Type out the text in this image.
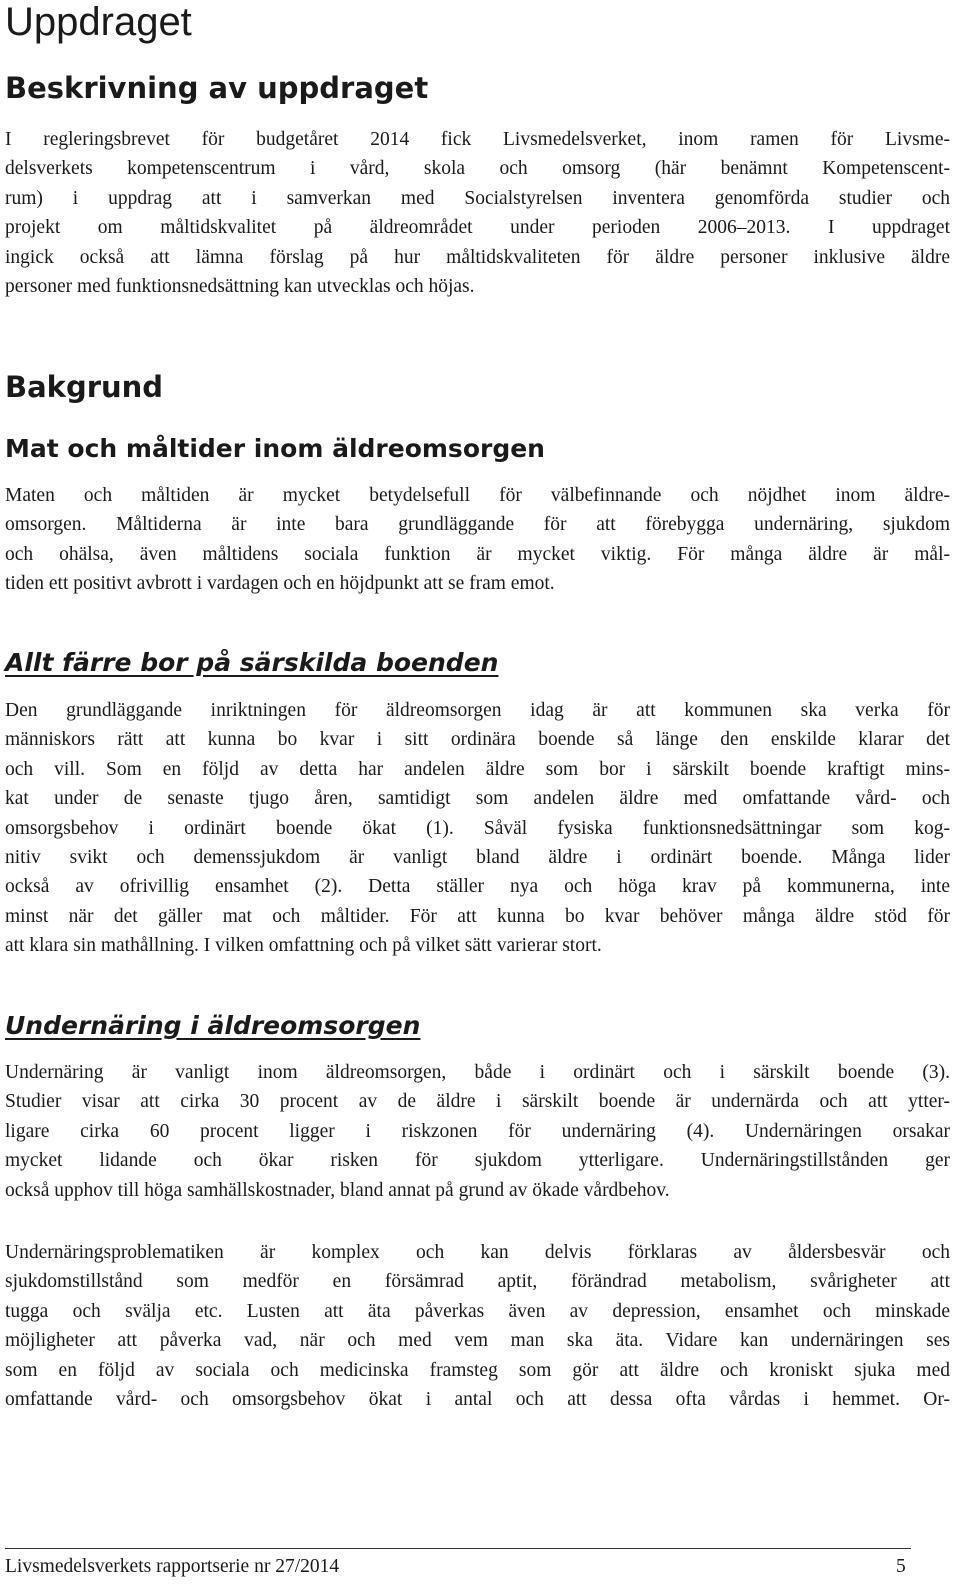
Uppdraget
Beskrivning av uppdraget
I regleringsbrevet för budgetåret 2014 fick Livsmedelsverket, inom ramen för Livsme-
delsverkets kompetenscentrum i vård, skola och omsorg (här benämnt Kompetenscent-
rum) i uppdrag att i samverkan med Socialstyrelsen inventera genomförda studier och
projekt om måltidskvalitet på äldreområdet under perioden 2006–2013. I uppdraget
ingick också att lämna förslag på hur måltidskvaliteten för äldre personer inklusive äldre
personer med funktionsnedsättning kan utvecklas och höjas.
Bakgrund
Mat och måltider inom äldreomsorgen
Maten och måltiden är mycket betydelsefull för välbefinnande och nöjdhet inom äldre-
omsorgen. Måltiderna är inte bara grundläggande för att förebygga undernäring, sjukdom
och ohälsa, även måltidens sociala funktion är mycket viktig. För många äldre är mål-
tiden ett positivt avbrott i vardagen och en höjdpunkt att se fram emot.
Allt färre bor på särskilda boenden
Den grundläggande inriktningen för äldreomsorgen idag är att kommunen ska verka för
människors rätt att kunna bo kvar i sitt ordinära boende så länge den enskilde klarar det
och vill. Som en följd av detta har andelen äldre som bor i särskilt boende kraftigt mins-
kat under de senaste tjugo åren, samtidigt som andelen äldre med omfattande vård- och
omsorgsbehov i ordinärt boende ökat (1). Såväl fysiska funktionsnedsättningar som kog-
nitiv svikt och demenssjukdom är vanligt bland äldre i ordinärt boende. Många lider
också av ofrivillig ensamhet (2). Detta ställer nya och höga krav på kommunerna, inte
minst när det gäller mat och måltider. För att kunna bo kvar behöver många äldre stöd för
att klara sin mathållning. I vilken omfattning och på vilket sätt varierar stort.
Undernäring i äldreomsorgen
Undernäring är vanligt inom äldreomsorgen, både i ordinärt och i särskilt boende (3).
Studier visar att cirka 30 procent av de äldre i särskilt boende är undernärda och att ytter-
ligare cirka 60 procent ligger i riskzonen för undernäring (4). Undernäringen orsakar
mycket lidande och ökar risken för sjukdom ytterligare. Undernäringstillstånden ger
också upphov till höga samhällskostnader, bland annat på grund av ökade vårdbehov.
Undernäringsproblematiken är komplex och kan delvis förklaras av åldersbesvär och
sjukdomstillstånd som medför en försämrad aptit, förändrad metabolism, svårigheter att
tugga och svälja etc. Lusten att äta påverkas även av depression, ensamhet och minskade
möjligheter att påverka vad, när och med vem man ska äta. Vidare kan undernäringen ses
som en följd av sociala och medicinska framsteg som gör att äldre och kroniskt sjuka med
omfattande vård- och omsorgsbehov ökat i antal och att dessa ofta vårdas i hemmet. Or-
Livsmedelsverkets rapportserie nr 27/2014	5
